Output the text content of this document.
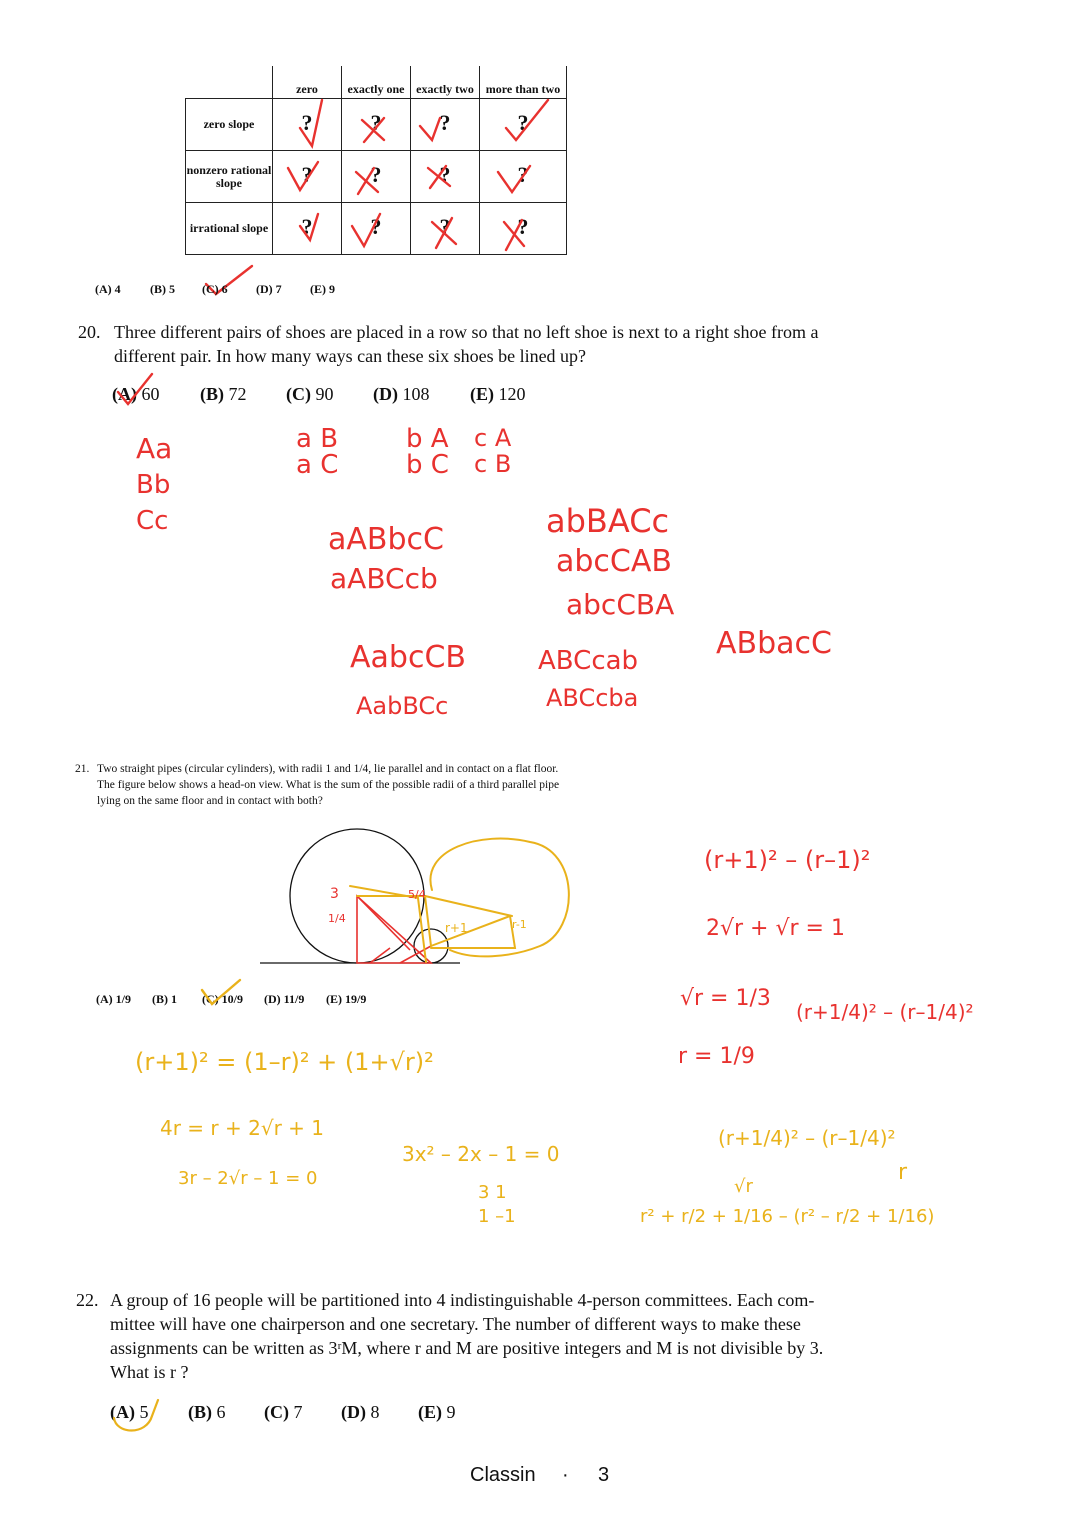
	zero	exactly one	exactly two	more than two
zero slope	?	?	?	?
nonzero rational slope	?	?	?	?
irrational slope	?	?	?	?
(A) 4 (B) 5 (C) 6 (D) 7 (E) 9
20. Three different pairs of shoes are placed in a row so that no left shoe is next to a right shoe from a
different pair. In how many ways can these six shoes be lined up?
(A) 60 (B) 72 (C) 90 (D) 108 (E) 120
Aa
Bb
Cc
a B
a C
b A
b C
c A
c B
aABbcC
aABCcb
abBACc
abcCAB
abcCBA
AabcCB
AabBCc
ABCcab
ABCcba
ABbacC
21. Two straight pipes (circular cylinders), with radii 1 and 1/4, lie parallel and in contact on a flat floor.
The figure below shows a head-on view. What is the sum of the possible radii of a third parallel pipe
lying on the same floor and in contact with both?
3
1/4
5/4
r+1	r-1
(A) 1/9 (B) 1 (C) 10/9 (D) 11/9 (E) 19/9
(r+1)² – (r–1)²
2√r + √r = 1
√r = 1/3
(r+1/4)² – (r–1/4)²
r = 1/9
(r+1)² = (1–r)² + (1+√r)²
4r = r + 2√r + 1
3r – 2√r – 1 = 0
3x² – 2x – 1 = 0
3 1
1 –1
(r+1/4)² – (r–1/4)²
√r
r² + r/2 + 1/16 – (r² – r/2 + 1/16)
r
22. A group of 16 people will be partitioned into 4 indistinguishable 4-person committees. Each com-
mittee will have one chairperson and one secretary. The number of different ways to make these
assignments can be written as 3ʳM, where r and M are positive integers and M is not divisible by 3.
What is r ?
(A) 5 (B) 6 (C) 7 (D) 8 (E) 9
Classin · 3
